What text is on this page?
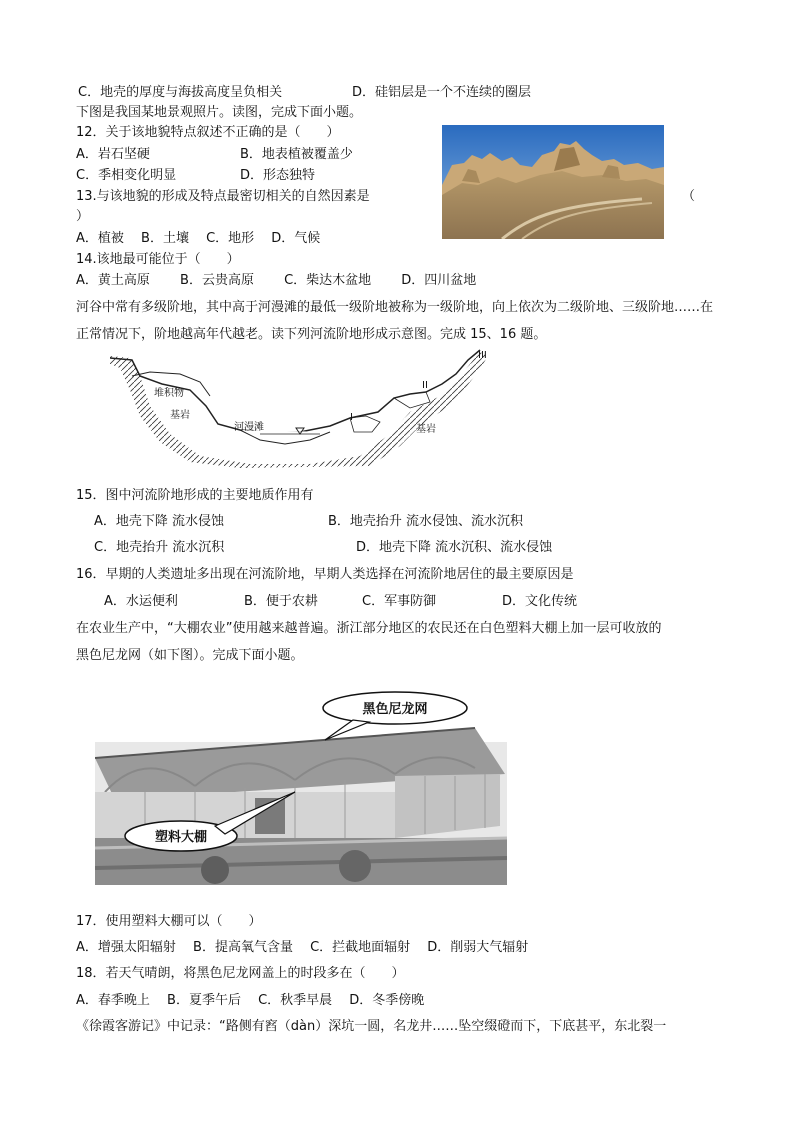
C．地壳的厚度与海拔高度呈负相关	D．硅铝层是一个不连续的圈层
下图是我国某地景观照片。读图，完成下面小题。
12．关于该地貌特点叙述不正确的是（　　）
A．岩石坚硬	B．地表植被覆盖少
C．季相变化明显	D．形态独特
13.与该地貌的形成及特点最密切相关的自然因素是	（
）
A．植被　 B．土壤　 C．地形　 D．气候
14.该地最可能位于（　　）
A．黄土高原　　 B．云贵高原　　 C．柴达木盆地　　 D．四川盆地
河谷中常有多级阶地，其中高于河漫滩的最低一级阶地被称为一级阶地，向上依次为二级阶地、三级阶地……在
正常情况下，阶地越高年代越老。读下列河流阶地形成示意图。完成 15、16 题。
堆积物
基岩
河漫滩	基岩
I
II
III
15．图中河流阶地形成的主要地质作用有
A．地壳下降 流水侵蚀	B．地壳抬升 流水侵蚀、流水沉积
C．地壳抬升 流水沉积	D．地壳下降 流水沉积、流水侵蚀
16．早期的人类遗址多出现在河流阶地，早期人类选择在河流阶地居住的最主要原因是
A．水运便利	B．便于农耕	C．军事防御	D．文化传统
在农业生产中，“大棚农业”使用越来越普遍。浙江部分地区的农民还在白色塑料大棚上加一层可收放的
黑色尼龙网（如下图）。完成下面小题。
黑色尼龙网
塑料大棚
17．使用塑料大棚可以（　　）
A．增强太阳辐射　 B．提高氧气含量　 C．拦截地面辐射　 D．削弱大气辐射
18．若天气晴朗，将黑色尼龙网盖上的时段多在（　　）
A．春季晚上　 B．夏季午后　 C．秋季早晨　 D．冬季傍晚
《徐霞客游记》中记录：“路侧有窞（dàn）深坑一圆，名龙井……坠空缀磴而下，下底甚平，东北裂一
